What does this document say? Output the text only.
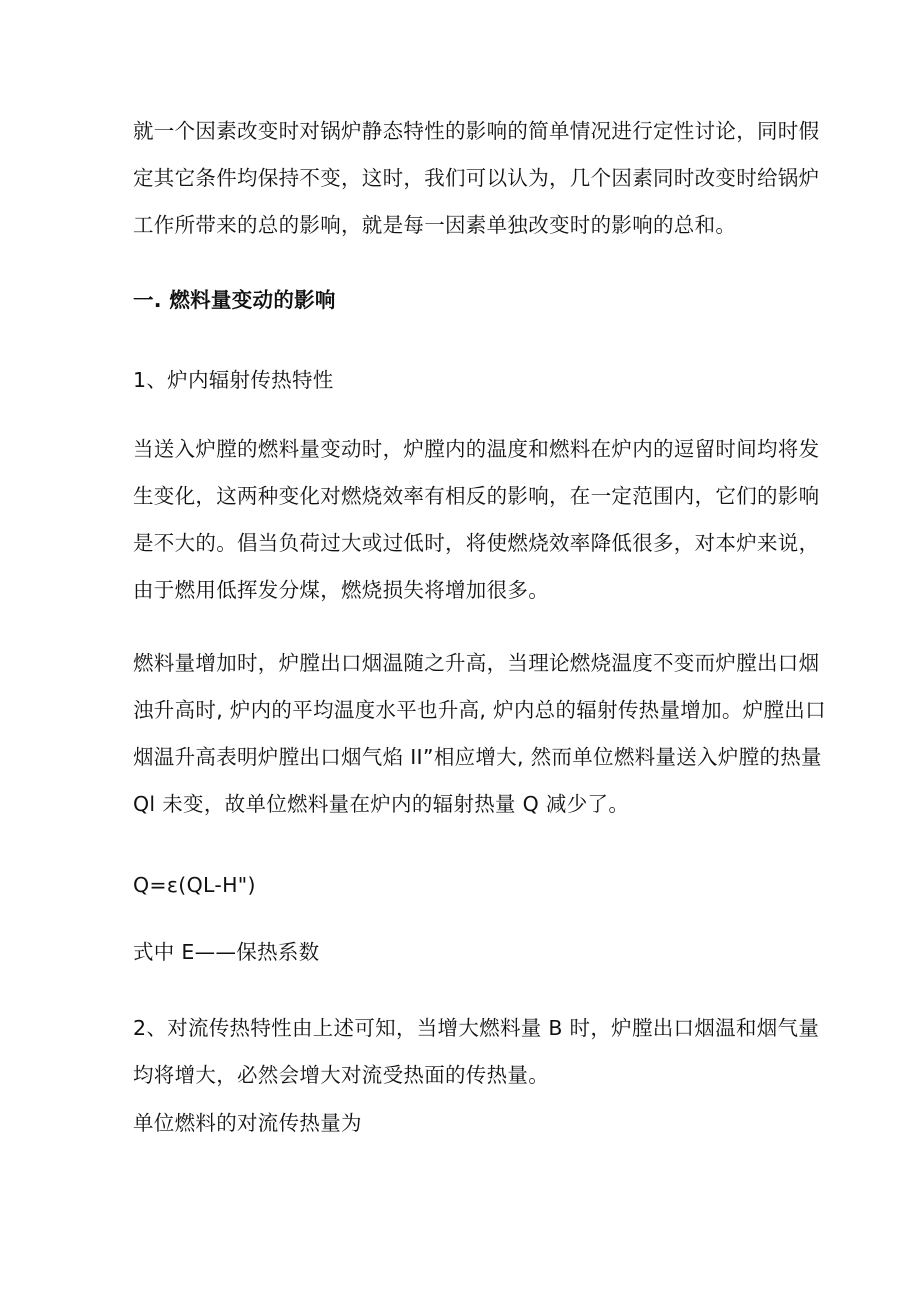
就一个因素改变时对锅炉静态特性的影响的简单情况进行定性讨论，同时假
定其它条件均保持不变，这时，我们可以认为，几个因素同时改变时给锅炉
工作所带来的总的影响，就是每一因素单独改变时的影响的总和。
一. 燃料量变动的影响
1、炉内辐射传热特性
当送入炉膛的燃料量变动时，炉膛内的温度和燃料在炉内的逗留时间均将发
生变化，这两种变化对燃烧效率有相反的影响，在一定范围内，它们的影响
是不大的。倡当负荷过大或过低时，将使燃烧效率降低很多，对本炉来说，
由于燃用低挥发分煤，燃烧损失将增加很多。
燃料量增加时，炉膛出口烟温随之升高，当理论燃烧温度不变而炉膛出口烟
浊升高时, 炉内的平均温度水平也升高, 炉内总的辐射传热量增加。炉膛出口
烟温升高表明炉膛出口烟气焰 II”相应增大, 然而单位燃料量送入炉膛的热量
Ql 未变，故单位燃料量在炉内的辐射热量 Q 减少了。
Q=ε(QL-H")
式中 E——保热系数
2、对流传热特性由上述可知，当增大燃料量 B 时，炉膛出口烟温和烟气量
均将增大，必然会增大对流受热面的传热量。
单位燃料的对流传热量为
